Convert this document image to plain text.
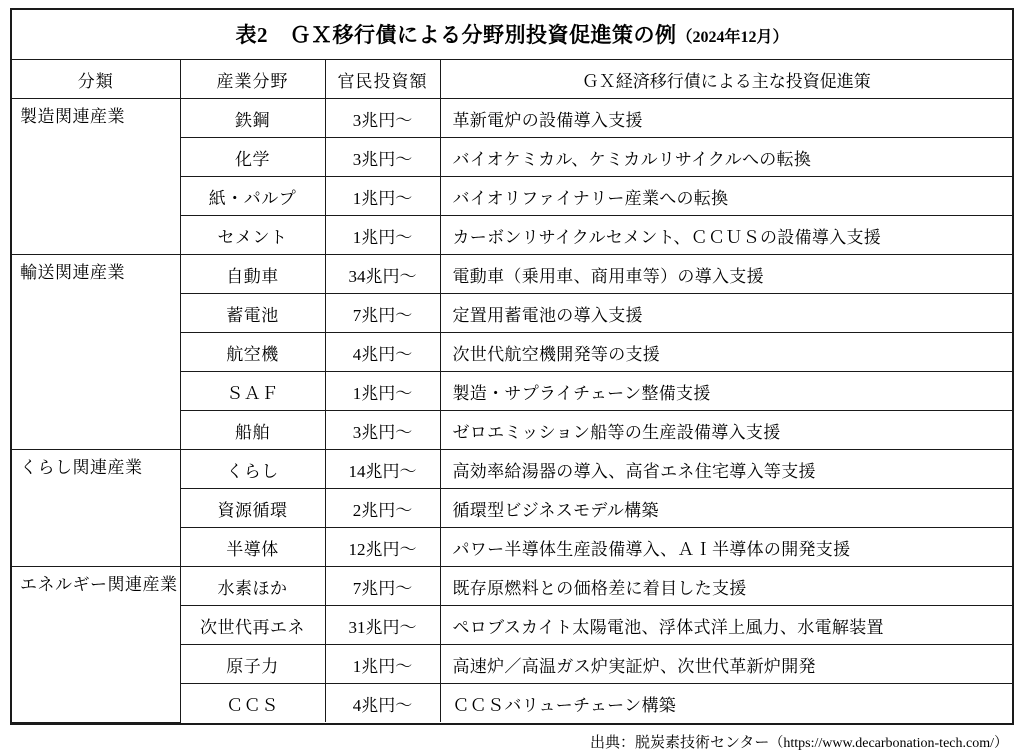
表2　ＧＸ移行債による分野別投資促進策の例（2024年12月）
分類	産業分野	官民投資額	ＧＸ経済移行債による主な投資促進策
製造関連産業	鉄鋼	3兆円～	革新電炉の設備導入支援
	化学	3兆円～	バイオケミカル、ケミカルリサイクルへの転換
	紙・パルプ	1兆円～	バイオリファイナリー産業への転換
	セメント	1兆円～	カーボンリサイクルセメント、ＣＣＵＳの設備導入支援
輸送関連産業	自動車	34兆円～	電動車（乗用車、商用車等）の導入支援
	蓄電池	7兆円～	定置用蓄電池の導入支援
	航空機	4兆円～	次世代航空機開発等の支援
	ＳＡＦ	1兆円～	製造・サプライチェーン整備支援
	船舶	3兆円～	ゼロエミッション船等の生産設備導入支援
くらし関連産業	くらし	14兆円～	高効率給湯器の導入、高省エネ住宅導入等支援
	資源循環	2兆円～	循環型ビジネスモデル構築
	半導体	12兆円～	パワー半導体生産設備導入、ＡＩ半導体の開発支援
エネルギー関連産業	水素ほか	7兆円～	既存原燃料との価格差に着目した支援
	次世代再エネ	31兆円～	ペロブスカイト太陽電池、浮体式洋上風力、水電解装置
	原子力	1兆円～	高速炉／高温ガス炉実証炉、次世代革新炉開発
	ＣＣＳ	4兆円～	ＣＣＳバリューチェーン構築
出典：脱炭素技術センター（https://www.decarbonation-tech.com/）
